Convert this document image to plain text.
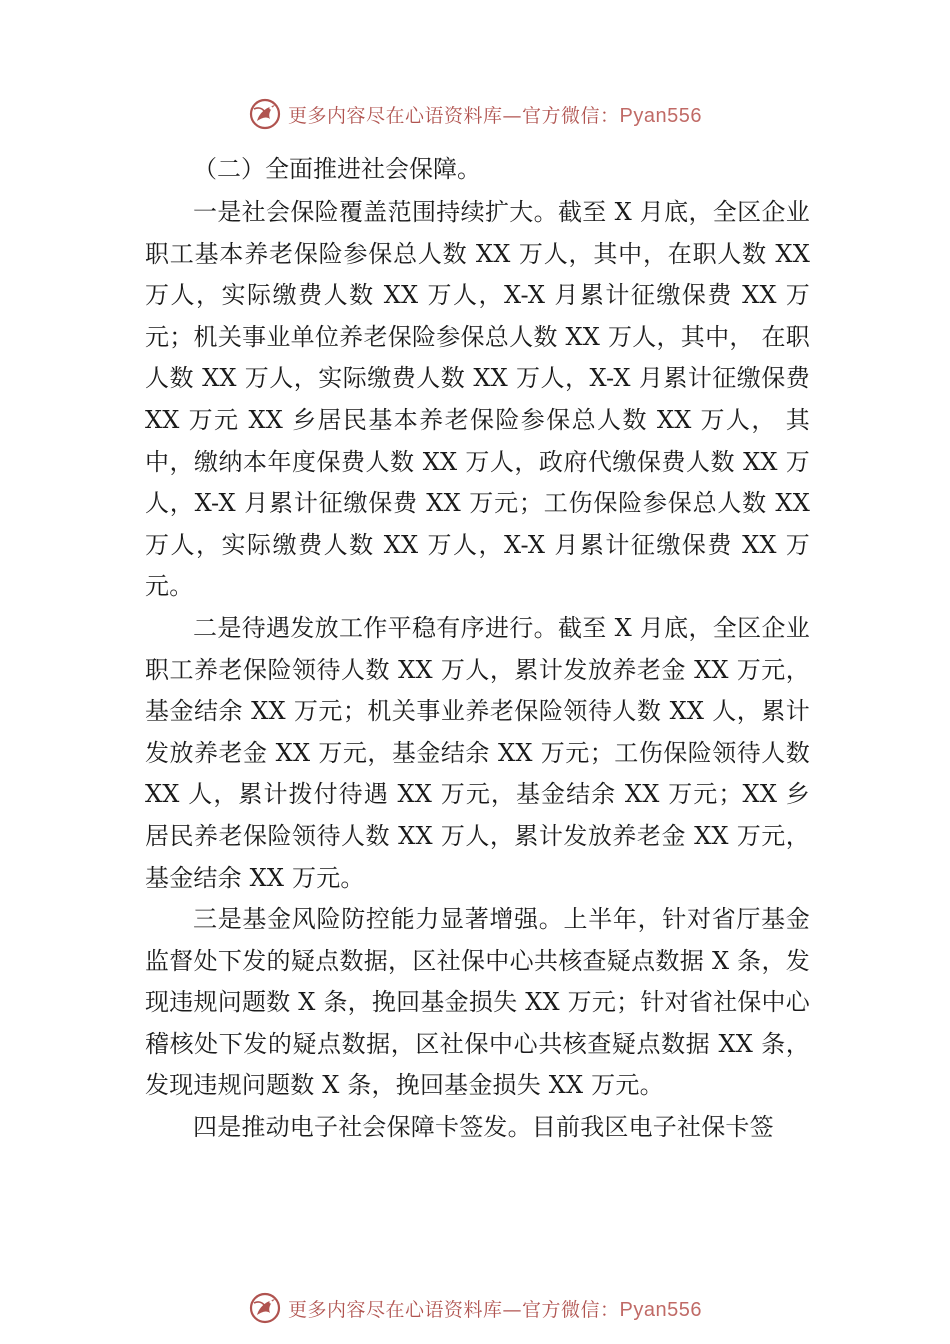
更多内容尽在心语资料库—官方微信：Pyan556
（二）全面推进社会保障。

一是社会保险覆盖范围持续扩大。截至 X 月底，全区企业职工基本养老保险参保总人数 XX 万人，其中，在职人数 XX 万人，实际缴费人数 XX 万人，X-X 月累计征缴保费 XX 万元；机关事业单位养老保险参保总人数 XX 万人，其中， 在职人数 XX 万人，实际缴费人数 XX 万人，X-X 月累计征缴保费 XX 万元 XX 乡居民基本养老保险参保总人数 XX 万人， 其中，缴纳本年度保费人数 XX 万人，政府代缴保费人数 XX 万人，X-X 月累计征缴保费 XX 万元；工伤保险参保总人数 XX 万人，实际缴费人数 XX 万人，X-X 月累计征缴保费 XX 万元。

二是待遇发放工作平稳有序进行。截至 X 月底，全区企业职工养老保险领待人数 XX 万人，累计发放养老金 XX 万元，基金结余 XX 万元；机关事业养老保险领待人数 XX 人，累计发放养老金 XX 万元，基金结余 XX 万元；工伤保险领待人数 XX 人，累计拨付待遇 XX 万元，基金结余 XX 万元；XX 乡居民养老保险领待人数 XX 万人，累计发放养老金 XX 万元，基金结余 XX 万元。

三是基金风险防控能力显著增强。上半年，针对省厅基金监督处下发的疑点数据，区社保中心共核查疑点数据 X 条，发现违规问题数 X 条，挽回基金损失 XX 万元；针对省社保中心稽核处下发的疑点数据，区社保中心共核查疑点数据 XX 条，发现违规问题数 X 条，挽回基金损失 XX 万元。

四是推动电子社会保障卡签发。目前我区电子社保卡签

更多内容尽在心语资料库—官方微信：Pyan556
